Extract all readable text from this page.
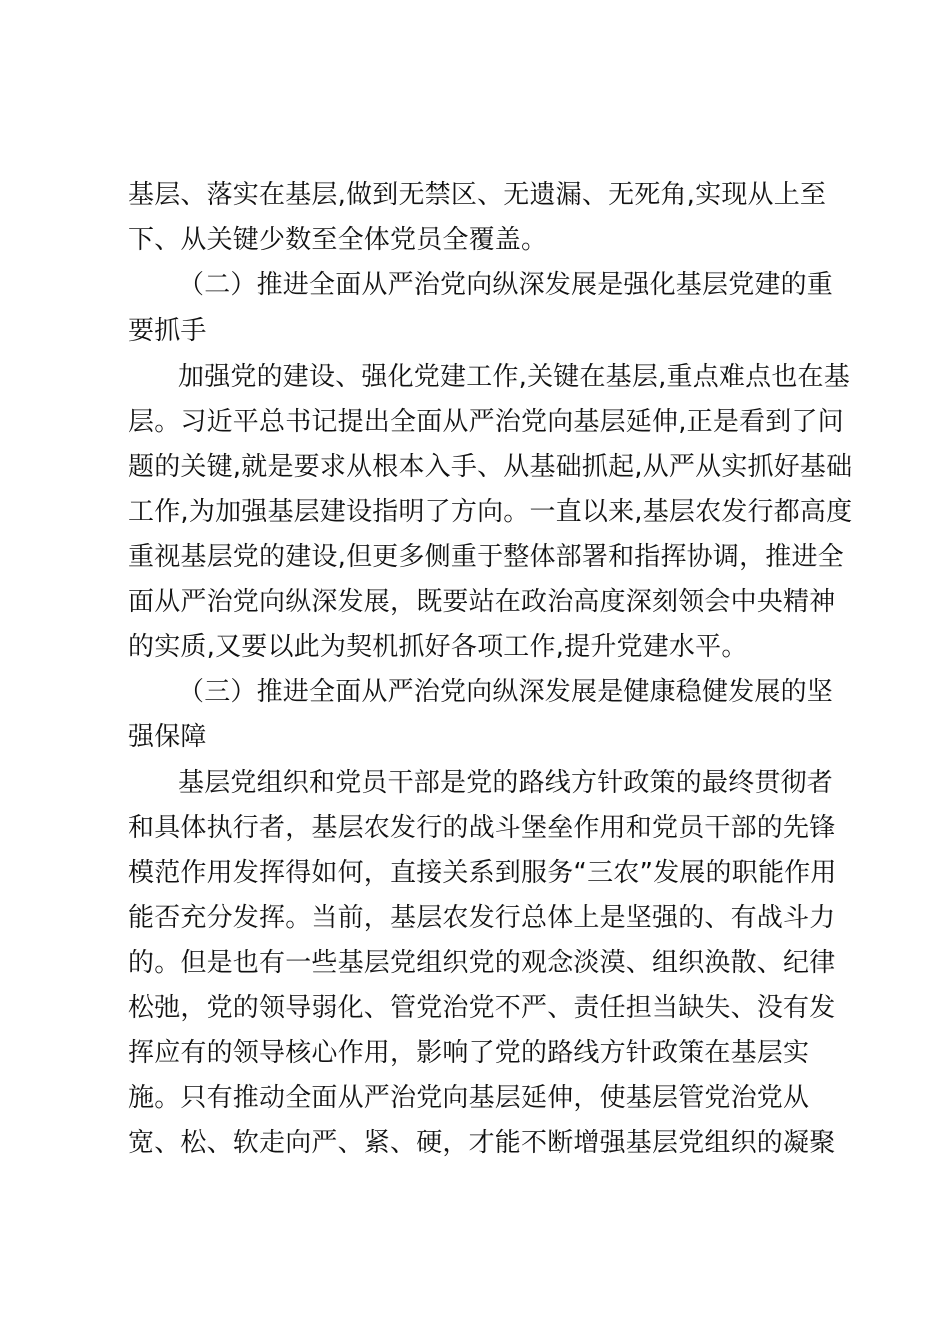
基层、落实在基层,做到无禁区、无遗漏、无死角,实现从上至
下、从关键少数至全体党员全覆盖。
（二）推进全面从严治党向纵深发展是强化基层党建的重
要抓手
加强党的建设、强化党建工作,关键在基层,重点难点也在基
层。习近平总书记提出全面从严治党向基层延伸,正是看到了问
题的关键,就是要求从根本入手、从基础抓起,从严从实抓好基础
工作,为加强基层建设指明了方向。一直以来,基层农发行都高度
重视基层党的建设,但更多侧重于整体部署和指挥协调，推进全
面从严治党向纵深发展，既要站在政治高度深刻领会中央精神
的实质,又要以此为契机抓好各项工作,提升党建水平。
（三）推进全面从严治党向纵深发展是健康稳健发展的坚
强保障
基层党组织和党员干部是党的路线方针政策的最终贯彻者
和具体执行者，基层农发行的战斗堡垒作用和党员干部的先锋
模范作用发挥得如何，直接关系到服务“三农”发展的职能作用
能否充分发挥。当前，基层农发行总体上是坚强的、有战斗力
的。但是也有一些基层党组织党的观念淡漠、组织涣散、纪律
松弛，党的领导弱化、管党治党不严、责任担当缺失、没有发
挥应有的领导核心作用，影响了党的路线方针政策在基层实
施。只有推动全面从严治党向基层延伸，使基层管党治党从
宽、松、软走向严、紧、硬，才能不断增强基层党组织的凝聚
